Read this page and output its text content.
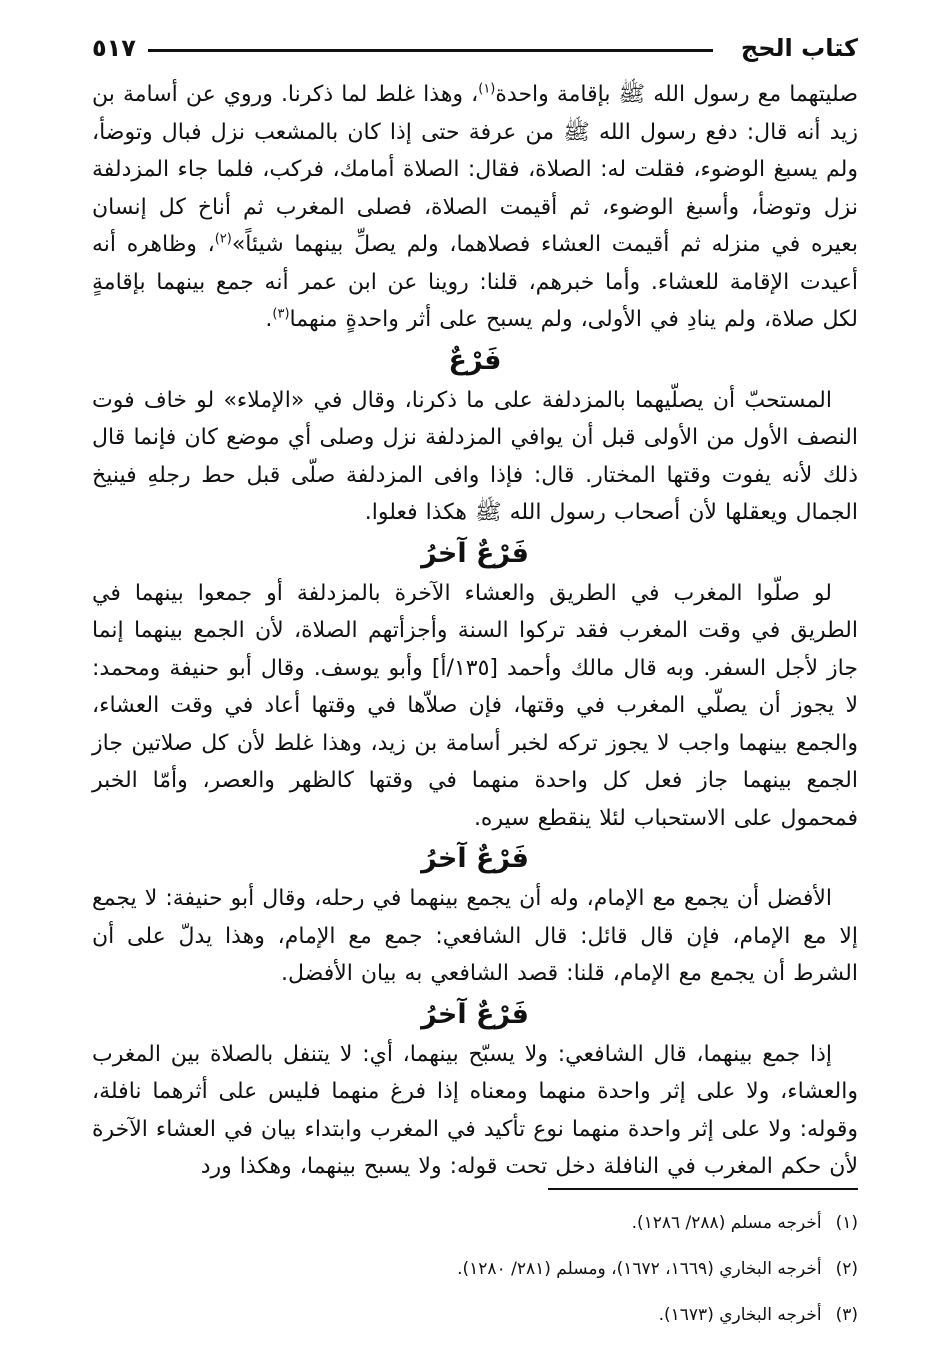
كتاب الحج
٥١٧

صليتهما مع رسول الله ﷺ بإقامة واحدة$^{(١)}$، وهذا غلط لما ذكرنا. وروي عن أسامة بن زيد أنه قال: دفع رسول الله ﷺ من عرفة حتى إذا كان بالمشعب نزل فبال وتوضأ، ولم يسبغ الوضوء، فقلت له: الصلاة، فقال: الصلاة أمامك، فركب، فلما جاء المزدلفة نزل وتوضأ، وأسبغ الوضوء، ثم أقيمت الصلاة، فصلى المغرب ثم أناخ كل إنسان بعيره في منزله ثم أقيمت العشاء فصلاهما، ولم يصلِّ بينهما شيئاً»$^{(٢)}$، وظاهره أنه أعيدت الإقامة للعشاء. وأما خبرهم، قلنا: روينا عن ابن عمر أنه جمع بينهما بإقامةٍ لكل صلاة، ولم ينادِ في الأولى، ولم يسبح على أثر واحدةٍ منهما$^{(٣)}$.

فَرْعٌ

المستحبّ أن يصلّيهما بالمزدلفة على ما ذكرنا، وقال في «الإملاء» لو خاف فوت النصف الأول من الأولى قبل أن يوافي المزدلفة نزل وصلى أي موضع كان فإنما قال ذلك لأنه يفوت وقتها المختار. قال: فإذا وافى المزدلفة صلّى قبل حط رجلهِ فينيخ الجمال ويعقلها لأن أصحاب رسول الله ﷺ هكذا فعلوا.

فَرْعٌ آخرُ

لو صلّوا المغرب في الطريق والعشاء الآخرة بالمزدلفة أو جمعوا بينهما في الطريق في وقت المغرب فقد تركوا السنة وأجزأتهم الصلاة، لأن الجمع بينهما إنما جاز لأجل السفر. وبه قال مالك وأحمد [١٣٥/أ] وأبو يوسف. وقال أبو حنيفة ومحمد: لا يجوز أن يصلّي المغرب في وقتها، فإن صلاّها في وقتها أعاد في وقت العشاء، والجمع بينهما واجب لا يجوز تركه لخبر أسامة بن زيد، وهذا غلط لأن كل صلاتين جاز الجمع بينهما جاز فعل كل واحدة منهما في وقتها كالظهر والعصر، وأمّا الخبر فمحمول على الاستحباب لئلا ينقطع سيره.

فَرْعٌ آخرُ

الأفضل أن يجمع مع الإمام، وله أن يجمع بينهما في رحله، وقال أبو حنيفة: لا يجمع إلا مع الإمام، فإن قال قائل: قال الشافعي: جمع مع الإمام، وهذا يدلّ على أن الشرط أن يجمع مع الإمام، قلنا: قصد الشافعي به بيان الأفضل.

فَرْعٌ آخرُ

إذا جمع بينهما، قال الشافعي: ولا يسبّح بينهما، أي: لا يتنفل بالصلاة بين المغرب والعشاء، ولا على إثر واحدة منهما ومعناه إذا فرغ منهما فليس على أثرهما نافلة، وقوله: ولا على إثر واحدة منهما نوع تأكيد في المغرب وابتداء بيان في العشاء الآخرة لأن حكم المغرب في النافلة دخل تحت قوله: ولا يسبح بينهما، وهكذا ورد

(١)أخرجه مسلم (٢٨٨/ ١٢٨٦).

(٢)أخرجه البخاري (١٦٦٩، ١٦٧٢)، ومسلم (٢٨١/ ١٢٨٠).

(٣)أخرجه البخاري (١٦٧٣).
